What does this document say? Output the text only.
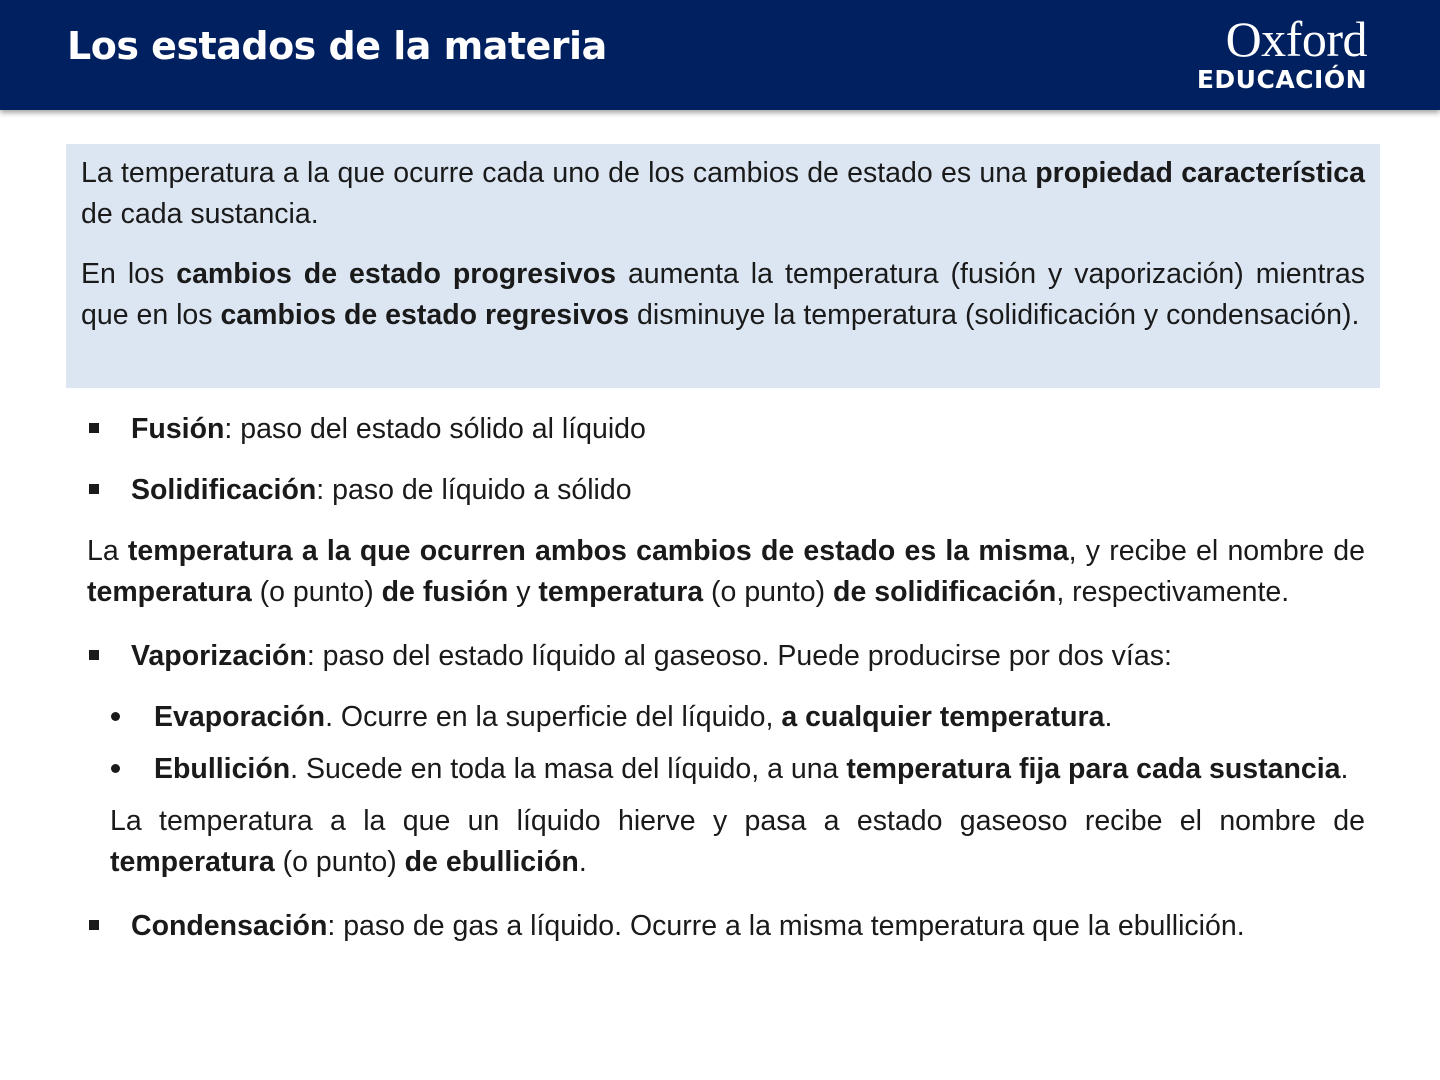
Los estados de la materia	Oxford
EDUCACIÓN

La temperatura a la que ocurre cada uno de los cambios de estado es una propiedad característica de cada sustancia.

En los cambios de estado progresivos aumenta la temperatura (fusión y vaporización) mientras que en los cambios de estado regresivos disminuye la temperatura (solidificación y condensación).

Fusión: paso del estado sólido al líquido
Solidificación: paso de líquido a sólido

La temperatura a la que ocurren ambos cambios de estado es la misma, y recibe el nombre de temperatura (o punto) de fusión y temperatura (o punto) de solidificación, respectivamente.

Vaporización: paso del estado líquido al gaseoso. Puede producirse por dos vías:
Evaporación. Ocurre en la superficie del líquido, a cualquier temperatura.
Ebullición. Sucede en toda la masa del líquido, a una temperatura fija para cada sustancia.

La temperatura a la que un líquido hierve y pasa a estado gaseoso recibe el nombre de temperatura (o punto) de ebullición.

Condensación: paso de gas a líquido. Ocurre a la misma temperatura que la ebullición.
